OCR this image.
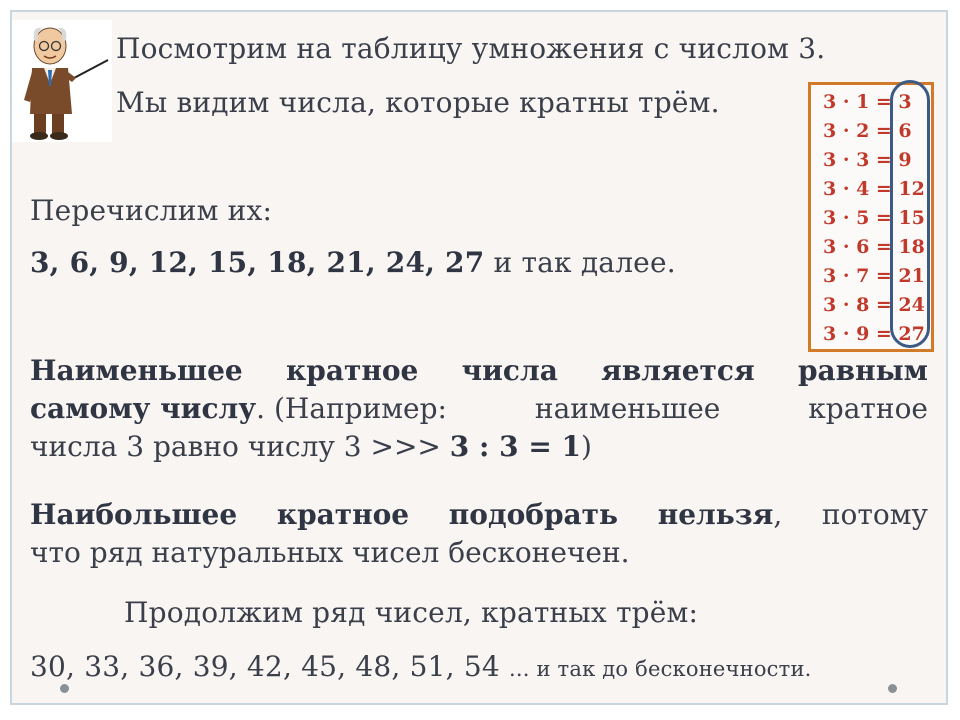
Посмотрим на таблицу умножения с числом 3.
Мы видим числа, которые кратны трём.
Перечислим их:
3, 6, 9, 12, 15, 18, 21, 24, 27 и так далее.
Наименьшее кратное числа является равным
самому числу. (Например:	наименьшее	кратное
числа 3 равно числу 3 >>> 3 : 3 = 1)
Наибольшее кратное подобрать нельзя, потому
что ряд натуральных чисел бесконечен.
Продолжим ряд чисел, кратных трём:
30, 33, 36, 39, 42, 45, 48, 51, 54 ... и так до бесконечности.
3 · 1 = 3
3 · 2 = 6
3 · 3 = 9
3 · 4 = 12
3 · 5 = 15
3 · 6 = 18
3 · 7 = 21
3 · 8 = 24
3 · 9 = 27
